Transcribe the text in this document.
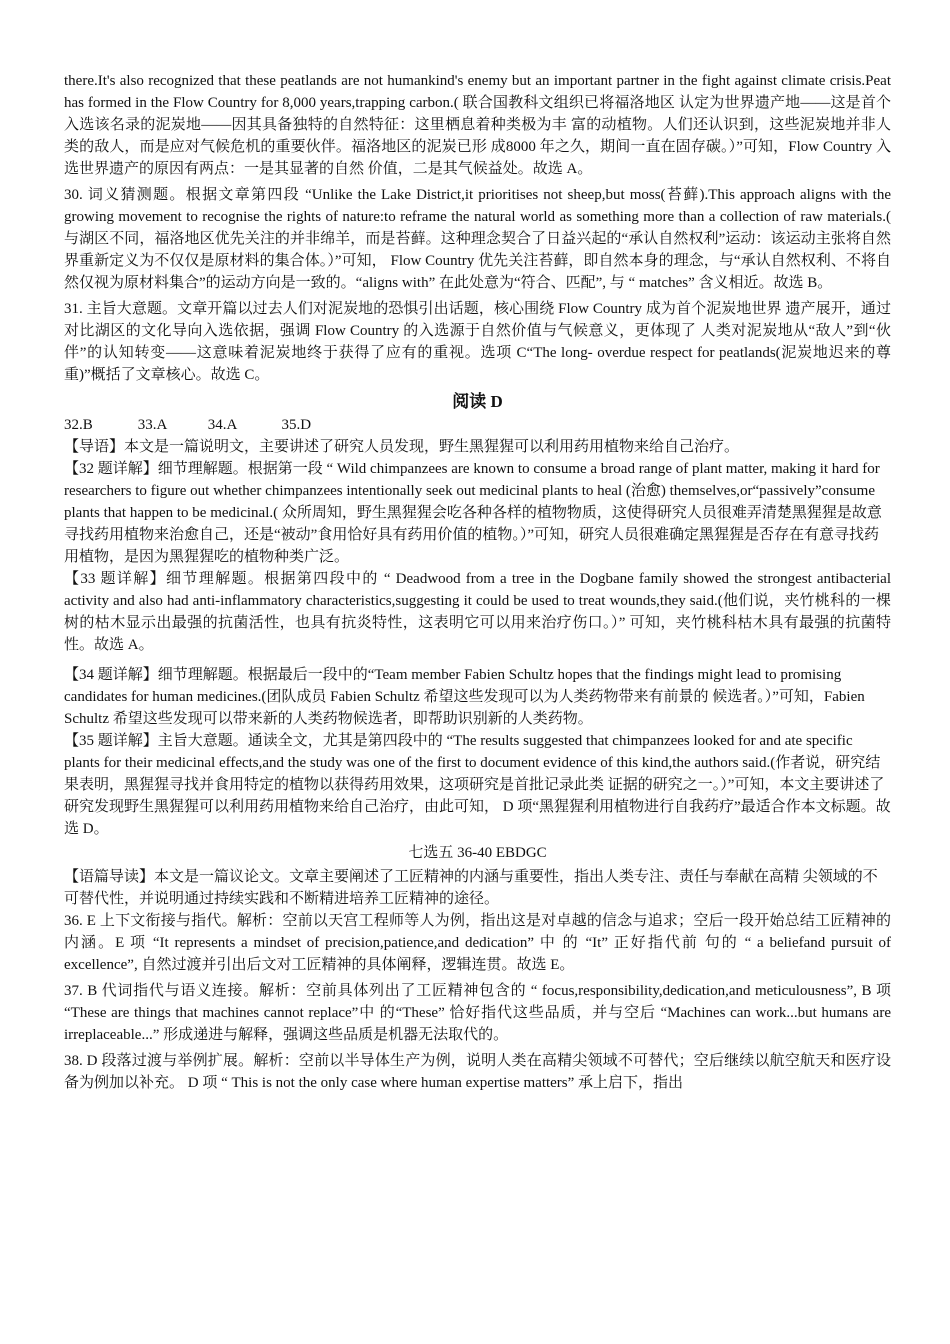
there.It's also recognized that these peatlands are not humankind's enemy but an important partner in the fight against climate crisis.Peat has formed in the Flow Country for 8,000 years,trapping carbon.( 联合国教科文组织已将福洛地区 认定为世界遗产地——这是首个入选该名录的泥炭地——因其具备独特的自然特征：这里栖息着种类极为丰 富的动植物。人们还认识到，这些泥炭地并非人类的敌人，而是应对气候危机的重要伙伴。福洛地区的泥炭已形 成8000 年之久，期间一直在固存碳。）”可知，Flow Country 入选世界遗产的原因有两点：一是其显著的自然 价值，二是其气候益处。故选 A。

30. 词义猜测题。根据文章第四段 “Unlike the Lake District,it prioritises not sheep,but moss(苔藓).This approach aligns with the growing movement to recognise the rights of nature:to reframe the natural world as something more than a collection of raw materials.( 与湖区不同，福洛地区优先关注的并非绵羊，而是苔藓。这种理念契合了日益兴起的“承认自然权利”运动：该运动主张将自然界重新定义为不仅仅是原材料的集合体。）”可知， Flow Country 优先关注苔藓，即自然本身的理念，与“承认自然权利、不将自然仅视为原材料集合”的运动方向是一致的。“aligns with” 在此处意为“符合、匹配”, 与 “ matches” 含义相近。故选 B。

31. 主旨大意题。文章开篇以过去人们对泥炭地的恐惧引出话题，核心围绕 Flow Country 成为首个泥炭地世界 遗产展开，通过对比湖区的文化导向入选依据，强调 Flow Country 的入选源于自然价值与气候意义，更体现了 人类对泥炭地从“敌人”到“伙伴”的认知转变——这意味着泥炭地终于获得了应有的重视。选项 C“The long- overdue respect for peatlands(泥炭地迟来的尊重)”概括了文章核心。故选 C。

阅读 D

32.B            33.A           34.A            35.D

【导语】本文是一篇说明文，主要讲述了研究人员发现，野生黑猩猩可以利用药用植物来给自己治疗。

【32 题详解】细节理解题。根据第一段 “ Wild chimpanzees are known to consume a broad range of plant matter, making it hard for researchers to figure out whether chimpanzees intentionally seek out medicinal plants to heal (治愈) themselves,or“passively”consume plants that happen to be medicinal.( 众所周知，野生黑猩猩会吃各种各样的植物物质，这使得研究人员很难弄清楚黑猩猩是故意寻找药用植物来治愈自己，还是“被动”食用恰好具有药用价值的植物。）”可知，研究人员很难确定黑猩猩是否存在有意寻找药用植物，是因为黑猩猩吃的植物种类广泛。

【33 题详解】细节理解题。根据第四段中的 “ Deadwood from a tree in the Dogbane family showed the strongest antibacterial activity and also had anti-inflammatory characteristics,suggesting it could be used to treat wounds,they said.(他们说，夹竹桃科的一棵树的枯木显示出最强的抗菌活性，也具有抗炎特性，这表明它可以用来治疗伤口。）” 可知，夹竹桃科枯木具有最强的抗菌特性。故选 A。

【34 题详解】细节理解题。根据最后一段中的“Team member Fabien Schultz hopes that the findings might lead to promising candidates for human medicines.(团队成员 Fabien Schultz 希望这些发现可以为人类药物带来有前景的 候选者。）”可知，Fabien Schultz 希望这些发现可以带来新的人类药物候选者，即帮助识别新的人类药物。

【35 题详解】主旨大意题。通读全文，尤其是第四段中的 “The results suggested that chimpanzees looked for and ate specific plants for their medicinal effects,and the study was one of the first to document evidence of this kind,the authors said.(作者说，研究结果表明，黑猩猩寻找并食用特定的植物以获得药用效果，这项研究是首批记录此类 证据的研究之一。）”可知，本文主要讲述了研究发现野生黑猩猩可以利用药用植物来给自己治疗，由此可知， D 项“黑猩猩利用植物进行自我药疗”最适合作本文标题。故选 D。

七选五 36-40 EBDGC

【语篇导读】本文是一篇议论文。文章主要阐述了工匠精神的内涵与重要性，指出人类专注、责任与奉献在高精 尖领域的不可替代性，并说明通过持续实践和不断精进培养工匠精神的途径。

36. E 上下文衔接与指代。解析：空前以天宫工程师等人为例，指出这是对卓越的信念与追求；空后一段开始总结工匠精神的内涵。E 项 “It represents a mindset of precision,patience,and dedication” 中 的 “It” 正好指代前 句的 “ a beliefand pursuit of excellence”, 自然过渡并引出后文对工匠精神的具体阐释，逻辑连贯。故选 E。

37. B 代词指代与语义连接。解析：空前具体列出了工匠精神包含的 “ focus,responsibility,dedication,and meticulousness”, B 项 “These are things that machines cannot replace”中 的“These” 恰好指代这些品质，并与空后 “Machines can work...but humans are irreplaceable...” 形成递进与解释，强调这些品质是机器无法取代的。

38. D 段落过渡与举例扩展。解析：空前以半导体生产为例，说明人类在高精尖领域不可替代；空后继续以航空航天和医疗设备为例加以补充。 D 项 “ This is not the only case where human expertise matters” 承上启下，指出
